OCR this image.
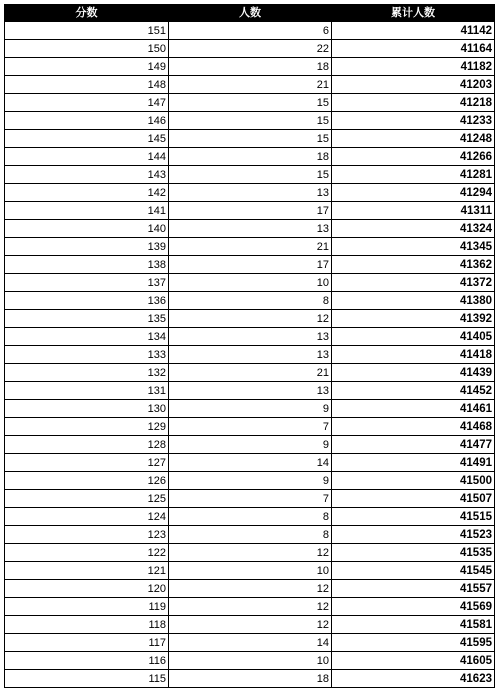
分数	人数	累计人数
151	6	41142
150	22	41164
149	18	41182
148	21	41203
147	15	41218
146	15	41233
145	15	41248
144	18	41266
143	15	41281
142	13	41294
141	17	41311
140	13	41324
139	21	41345
138	17	41362
137	10	41372
136	8	41380
135	12	41392
134	13	41405
133	13	41418
132	21	41439
131	13	41452
130	9	41461
129	7	41468
128	9	41477
127	14	41491
126	9	41500
125	7	41507
124	8	41515
123	8	41523
122	12	41535
121	10	41545
120	12	41557
119	12	41569
118	12	41581
117	14	41595
116	10	41605
115	18	41623
